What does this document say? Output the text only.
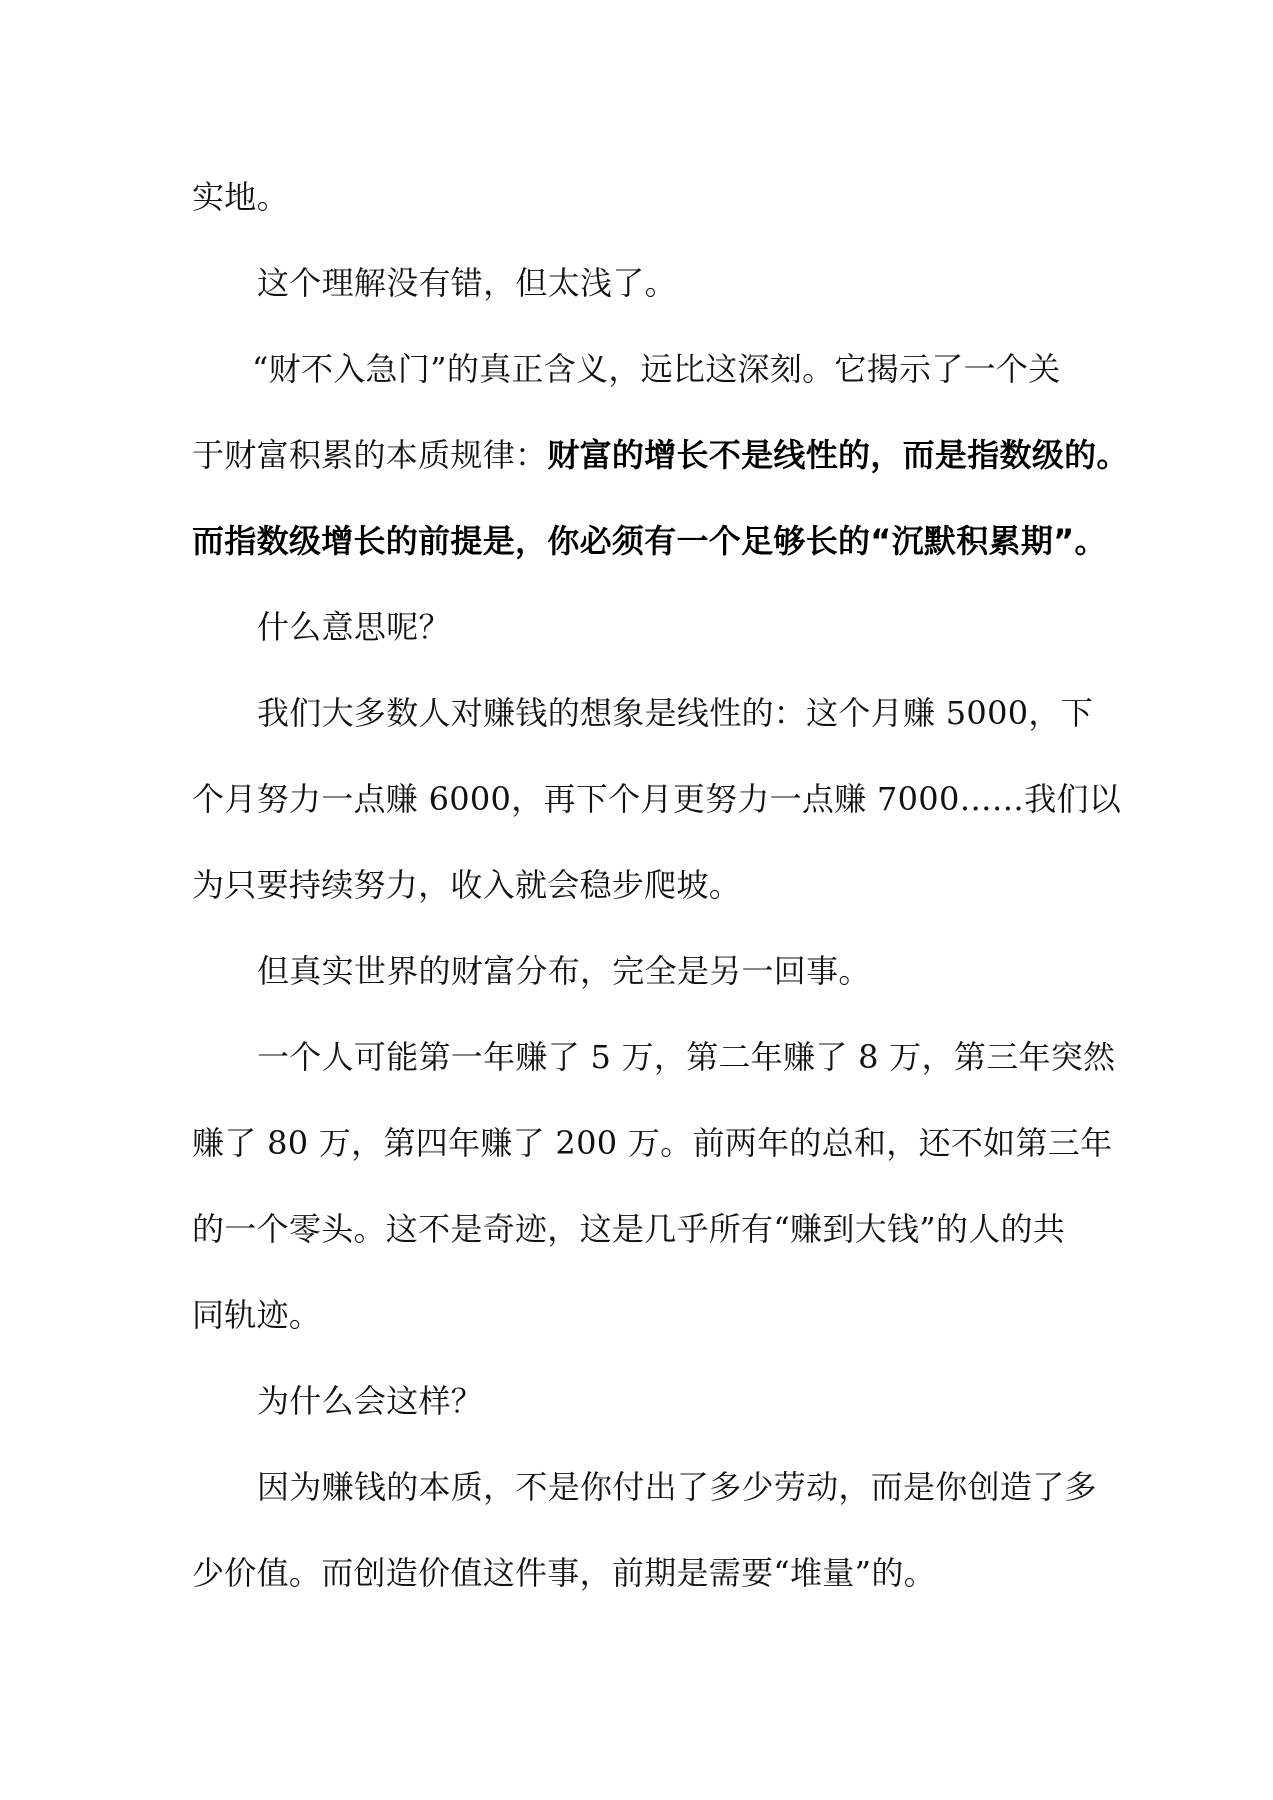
实地。
这个理解没有错，但太浅了。
“财不入急门”的真正含义，远比这深刻。它揭示了一个关
于财富积累的本质规律：财富的增长不是线性的，而是指数级的。
而指数级增长的前提是，你必须有一个足够长的“沉默积累期”。
什么意思呢？
我们大多数人对赚钱的想象是线性的：这个月赚 5000，下
个月努力一点赚 6000，再下个月更努力一点赚 7000……我们以
为只要持续努力，收入就会稳步爬坡。
但真实世界的财富分布，完全是另一回事。
一个人可能第一年赚了 5 万，第二年赚了 8 万，第三年突然
赚了 80 万，第四年赚了 200 万。前两年的总和，还不如第三年
的一个零头。这不是奇迹，这是几乎所有“赚到大钱”的人的共
同轨迹。
为什么会这样？
因为赚钱的本质，不是你付出了多少劳动，而是你创造了多
少价值。而创造价值这件事，前期是需要“堆量”的。
